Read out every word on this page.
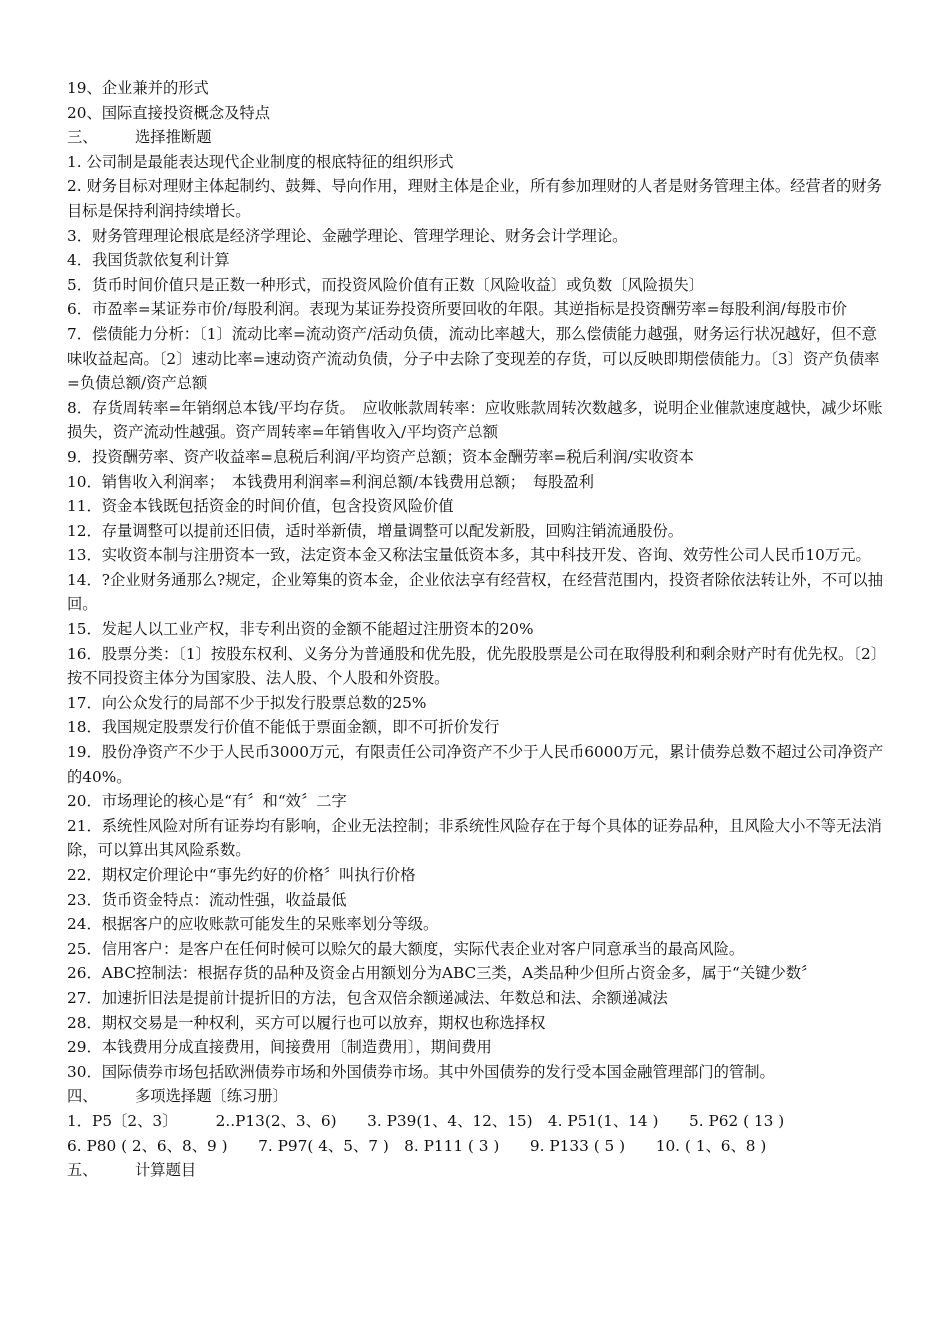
19、企业兼并的形式

20、国际直接投资概念及特点

三、 选择推断题

1. 公司制是最能表达现代企业制度的根底特征的组织形式

2. 财务目标对理财主体起制约、鼓舞、导向作用，理财主体是企业，所有参加理财的人者是财务管理主体。经营者的财务目标是保持利润持续增长。

3．财务管理理论根底是经济学理论、金融学理论、管理学理论、财务会计学理论。

4．我国货款依复利计算

5．货币时间价值只是正数一种形式，而投资风险价值有正数〔风险收益〕或负数〔风险损失〕

6．市盈率=某证券市价/每股利润。表现为某证券投资所要回收的年限。其逆指标是投资酬劳率=每股利润/每股市价

7．偿债能力分析：〔1〕流动比率=流动资产/活动负债，流动比率越大，那么偿债能力越强，财务运行状况越好，但不意味收益起高。〔2〕速动比率=速动资产流动负债，分子中去除了变现差的存货，可以反映即期偿债能力。〔3〕资产负债率=负债总额/资产总额

8．存货周转率=年销纲总本钱/平均存货。　应收帐款周转率：应收账款周转次数越多，说明企业催款速度越快，减少坏账损失，资产流动性越强。资产周转率=年销售收入/平均资产总额

9．投资酬劳率、资产收益率=息税后利润/平均资产总额；资本金酬劳率=税后利润/实收资本

10．销售收入利润率；　本钱费用利润率=利润总额/本钱费用总额；　每股盈利

11．资金本钱既包括资金的时间价值，包含投资风险价值

12．存量调整可以提前还旧债，适时举新债，增量调整可以配发新股，回购注销流通股份。

13．实收资本制与注册资本一致，法定资本金又称法宝量低资本多，其中科技开发、咨询、效劳性公司人民币10万元。

14．?企业财务通那么?规定，企业筹集的资本金，企业依法享有经营权，在经营范围内，投资者除依法转让外，不可以抽回。

15．发起人以工业产权，非专利出资的金额不能超过注册资本的20%

16．股票分类：〔1〕按股东权利、义务分为普通股和优先股，优先股股票是公司在取得股利和剩余财产时有优先权。〔2〕按不同投资主体分为国家股、法人股、个人股和外资股。

17．向公众发行的局部不少于拟发行股票总数的25%

18．我国规定股票发行价值不能低于票面金额，即不可折价发行

19．股份净资产不少于人民币3000万元，有限责任公司净资产不少于人民币6000万元，累计债券总数不超过公司净资产的40%。

20．市场理论的核心是“有〞和“效〞二字

21．系统性风险对所有证券均有影响，企业无法控制；非系统性风险存在于每个具体的证券品种，且风险大小不等无法消除，可以算出其风险系数。

22．期权定价理论中“事先约好的价格〞叫执行价格

23．货币资金特点：流动性强，收益最低

24．根据客户的应收账款可能发生的呆账率划分等级。

25．信用客户：是客户在任何时候可以赊欠的最大额度，实际代表企业对客户同意承当的最高风险。

26．ABC控制法：根据存货的品种及资金占用额划分为ABC三类，A类品种少但所占资金多，属于“关键少数〞

27．加速折旧法是提前计提折旧的方法，包含双倍余额递减法、年数总和法、余额递减法

28．期权交易是一种权利，买方可以履行也可以放弃，期权也称选择权

29．本钱费用分成直接费用，间接费用〔制造费用〕，期间费用

30．国际债券市场包括欧洲债券市场和外国债券市场。其中外国债券的发行受本国金融管理部门的管制。

四、 多项选择题〔练习册〕

1．P5〔2、3〕　　　2..P13(2、3、6)　　3. P39(1、4、12、15)　4. P51(1、14 )　　5. P62 ( 13 )

6. P80 ( 2、6、8、9 )　　7. P97( 4、5、7 )　8. P111 ( 3 )　　9. P133 ( 5 )　　10. ( 1、6、8 )

五、 计算题目
